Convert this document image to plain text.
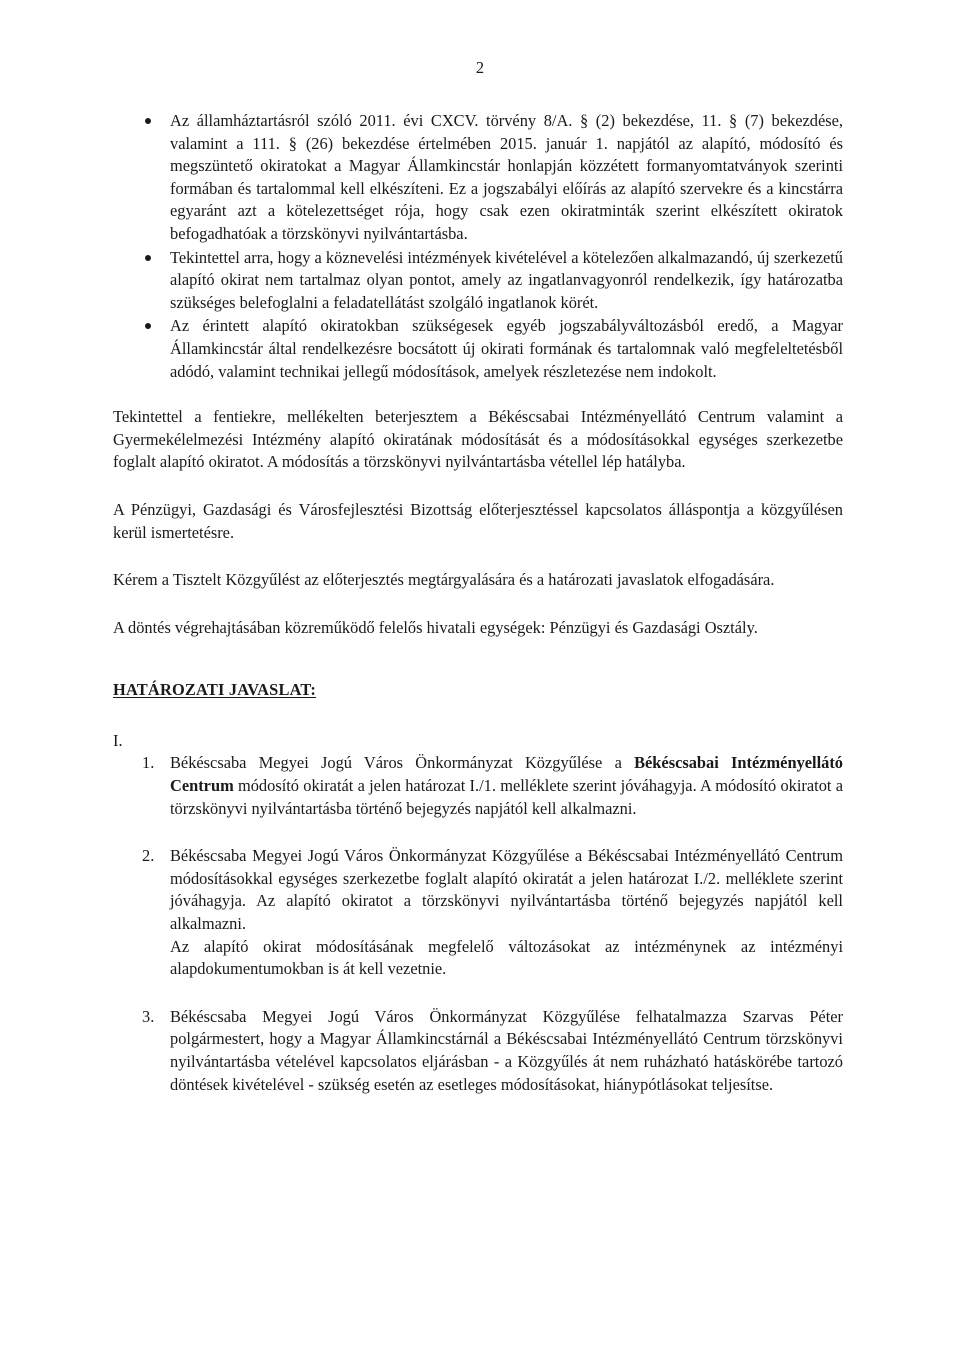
2
Az államháztartásról szóló 2011. évi CXCV. törvény 8/A. § (2) bekezdése, 11. § (7) bekezdése, valamint a 111. § (26) bekezdése értelmében 2015. január 1. napjától az alapító, módosító és megszüntető okiratokat a Magyar Államkincstár honlapján közzétett formanyomtatványok szerinti formában és tartalommal kell elkészíteni. Ez a jogszabályi előírás az alapító szervekre és a kincstárra egyaránt azt a kötelezettséget rója, hogy csak ezen okiratminták szerint elkészített okiratok befogadhatóak a törzskönyvi nyilvántartásba.
Tekintettel arra, hogy a köznevelési intézmények kivételével a kötelezően alkalmazandó, új szerkezetű alapító okirat nem tartalmaz olyan pontot, amely az ingatlanvagyonról rendelkezik, így határozatba szükséges belefoglalni a feladatellátást szolgáló ingatlanok körét.
Az érintett alapító okiratokban szükségesek egyéb jogszabályváltozásból eredő, a Magyar Államkincstár által rendelkezésre bocsátott új okirati formának és tartalomnak való megfeleltetésből adódó, valamint technikai jellegű módosítások, amelyek részletezése nem indokolt.

Tekintettel a fentiekre, mellékelten beterjesztem a Békéscsabai Intézményellátó Centrum valamint a Gyermekélelmezési Intézmény alapító okiratának módosítását és a módosításokkal egységes szerkezetbe foglalt alapító okiratot. A módosítás a törzskönyvi nyilvántartásba vétellel lép hatályba.

A Pénzügyi, Gazdasági és Városfejlesztési Bizottság előterjesztéssel kapcsolatos álláspontja a közgyűlésen kerül ismertetésre.

Kérem a Tisztelt Közgyűlést az előterjesztés megtárgyalására és a határozati javaslatok elfogadására.

A döntés végrehajtásában közreműködő felelős hivatali egységek: Pénzügyi és Gazdasági Osztály.

HATÁROZATI JAVASLAT:
I.
1. Békéscsaba Megyei Jogú Város Önkormányzat Közgyűlése a Békéscsabai Intézményellátó Centrum módosító okiratát a jelen határozat I./1. melléklete szerint jóváhagyja. A módosító okiratot a törzskönyvi nyilvántartásba történő bejegyzés napjától kell alkalmazni.

2. Békéscsaba Megyei Jogú Város Önkormányzat Közgyűlése a Békéscsabai Intézményellátó Centrum módosításokkal egységes szerkezetbe foglalt alapító okiratát a jelen határozat I./2. melléklete szerint jóváhagyja. Az alapító okiratot a törzskönyvi nyilvántartásba történő bejegyzés napjától kell alkalmazni.

Az alapító okirat módosításának megfelelő változásokat az intézménynek az intézményi alapdokumentumokban is át kell vezetnie.

3. Békéscsaba Megyei Jogú Város Önkormányzat Közgyűlése felhatalmazza Szarvas Péter polgármestert, hogy a Magyar Államkincstárnál a Békéscsabai Intézményellátó Centrum törzskönyvi nyilvántartásba vételével kapcsolatos eljárásban - a Közgyűlés át nem ruházható hatáskörébe tartozó döntések kivételével - szükség esetén az esetleges módosításokat, hiánypótlásokat teljesítse.
